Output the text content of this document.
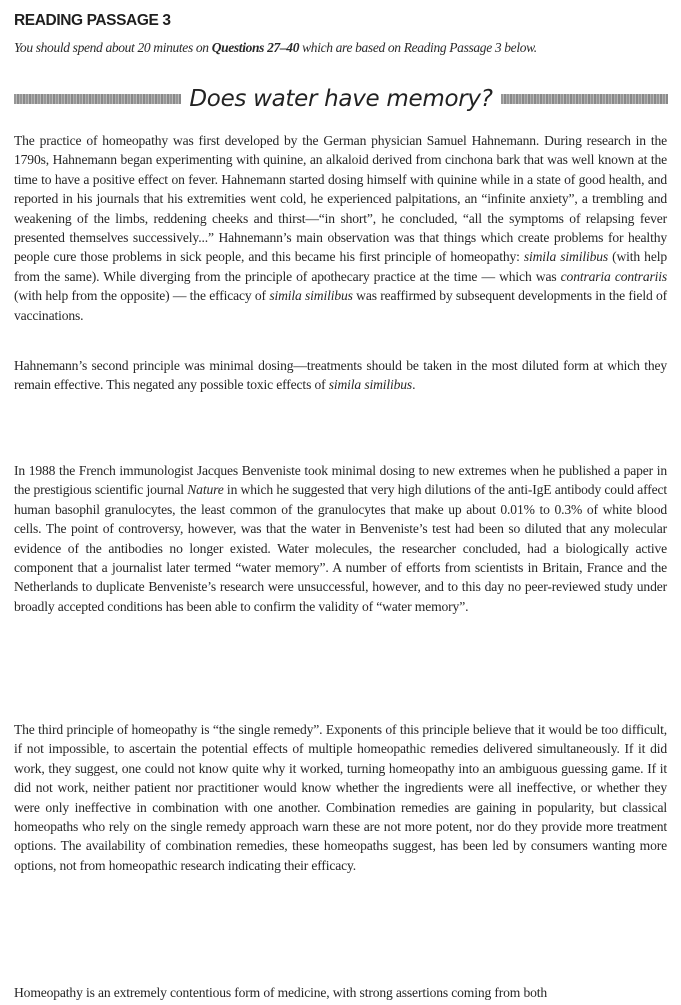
READING PASSAGE 3
You should spend about 20 minutes on Questions 27–40 which are based on Reading Passage 3 below.
Does water have memory?

The practice of homeopathy was first developed by the German physician Samuel Hahnemann. During research in the 1790s, Hahnemann began experimenting with quinine, an alkaloid derived from cinchona bark that was well known at the time to have a positive effect on fever. Hahnemann started dosing himself with quinine while in a state of good health, and reported in his journals that his extremities went cold, he experienced palpitations, an “infinite anxiety”, a trembling and weakening of the limbs, reddening cheeks and thirst—“in short”, he concluded, “all the symptoms of relapsing fever presented themselves successively...” Hahnemann’s main observation was that things which create problems for healthy people cure those problems in sick people, and this became his first principle of homeopathy: simila similibus (with help from the same). While diverging from the principle of apothecary practice at the time — which was contraria contrariis (with help from the opposite) — the efficacy of simila similibus was reaffirmed by subsequent developments in the field of vaccinations.

Hahnemann’s second principle was minimal dosing—treatments should be taken in the most diluted form at which they remain effective. This negated any possible toxic effects of simila similibus.

In 1988 the French immunologist Jacques Benveniste took minimal dosing to new extremes when he published a paper in the prestigious scientific journal Nature in which he suggested that very high dilutions of the anti-IgE antibody could affect human basophil granulocytes, the least common of the granulocytes that make up about 0.01% to 0.3% of white blood cells. The point of controversy, however, was that the water in Benveniste’s test had been so diluted that any molecular evidence of the antibodies no longer existed. Water molecules, the researcher concluded, had a biologically active component that a journalist later termed “water memory”. A number of efforts from scientists in Britain, France and the Netherlands to duplicate Benveniste’s research were unsuccessful, however, and to this day no peer-reviewed study under broadly accepted conditions has been able to confirm the validity of “water memory”.

The third principle of homeopathy is “the single remedy”. Exponents of this principle believe that it would be too difficult, if not impossible, to ascertain the potential effects of multiple homeopathic remedies delivered simultaneously. If it did work, they suggest, one could not know quite why it worked, turning homeopathy into an ambiguous guessing game. If it did not work, neither patient nor practitioner would know whether the ingredients were all ineffective, or whether they were only ineffective in combination with one another. Combination remedies are gaining in popularity, but classical homeopaths who rely on the single remedy approach warn these are not more potent, nor do they provide more treatment options. The availability of combination remedies, these homeopaths suggest, has been led by consumers wanting more options, not from homeopathic research indicating their efficacy.

Homeopathy is an extremely contentious form of medicine, with strong assertions coming from both
